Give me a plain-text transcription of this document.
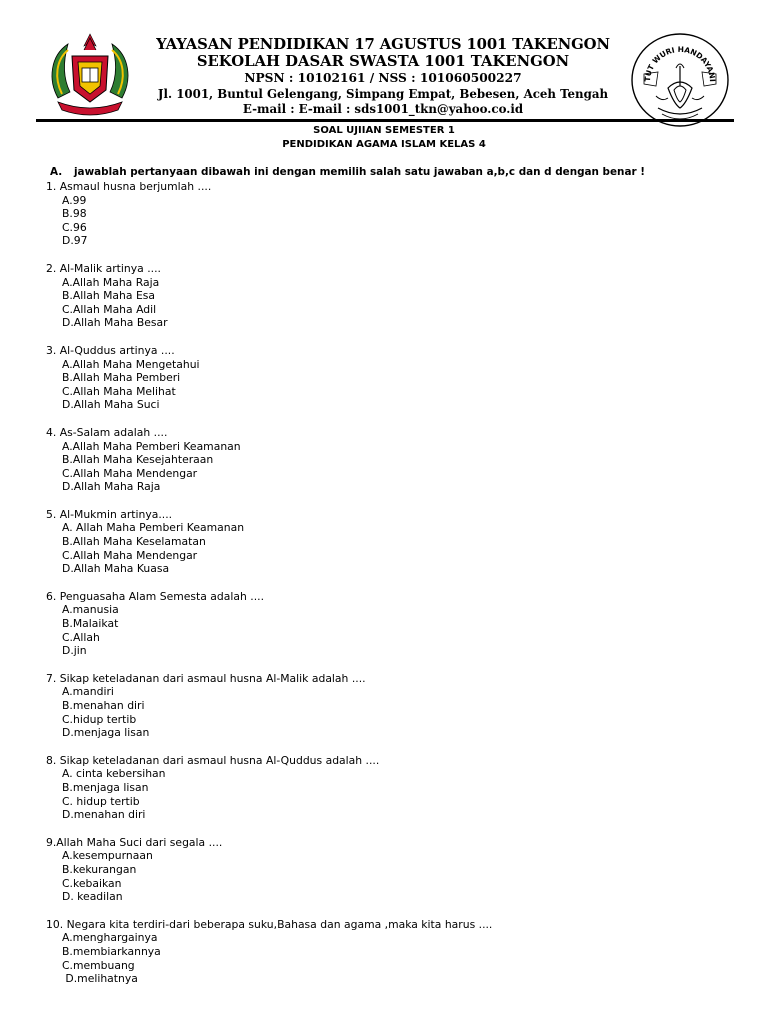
YAYASAN PENDIDIKAN 17 AGUSTUS 1001 TAKENGON
SEKOLAH DASAR SWASTA 1001 TAKENGON
NPSN : 10102161 / NSS : 101060500227
Jl. 1001, Buntul Gelengang, Simpang Empat, Bebesen, Aceh Tengah
E-mail : E-mail : sds1001_tkn@yahoo.co.id
TUT WURI HANDAYANI
SOAL UJIIAN SEMESTER 1
PENDIDIKAN AGAMA ISLAM KELAS 4
A. jawablah pertanyaan dibawah ini dengan memilih salah satu jawaban a,b,c dan d dengan benar !
1. Asmaul husna berjumlah ....
A.99
B.98
C.96
D.97
2. Al-Malik artinya ....
A.Allah Maha Raja
B.Allah Maha Esa
C.Allah Maha Adil
D.Allah Maha Besar
3. Al-Quddus artinya ....
A.Allah Maha Mengetahui
B.Allah Maha Pemberi
C.Allah Maha Melihat
D.Allah Maha Suci
4. As-Salam adalah ....
A.Allah Maha Pemberi Keamanan
B.Allah Maha Kesejahteraan
C.Allah Maha Mendengar
D.Allah Maha Raja
5. Al-Mukmin artinya....
A. Allah Maha Pemberi Keamanan
B.Allah Maha Keselamatan
C.Allah Maha Mendengar
D.Allah Maha Kuasa
6. Penguasaha Alam Semesta adalah ....
A.manusia
B.Malaikat
C.Allah
D.jin
7. Sikap keteladanan dari asmaul husna Al-Malik adalah ....
A.mandiri
B.menahan diri
C.hidup tertib
D.menjaga lisan
8. Sikap keteladanan dari asmaul husna Al-Quddus adalah ....
A. cinta kebersihan
B.menjaga lisan
C. hidup tertib
D.menahan diri
9.Allah Maha Suci dari segala ....
A.kesempurnaan
B.kekurangan
C.kebaikan
D. keadilan
10. Negara kita terdiri-dari beberapa suku,Bahasa dan agama ,maka kita harus ....
A.menghargainya
B.membiarkannya
C.membuang
D.melihatnya
